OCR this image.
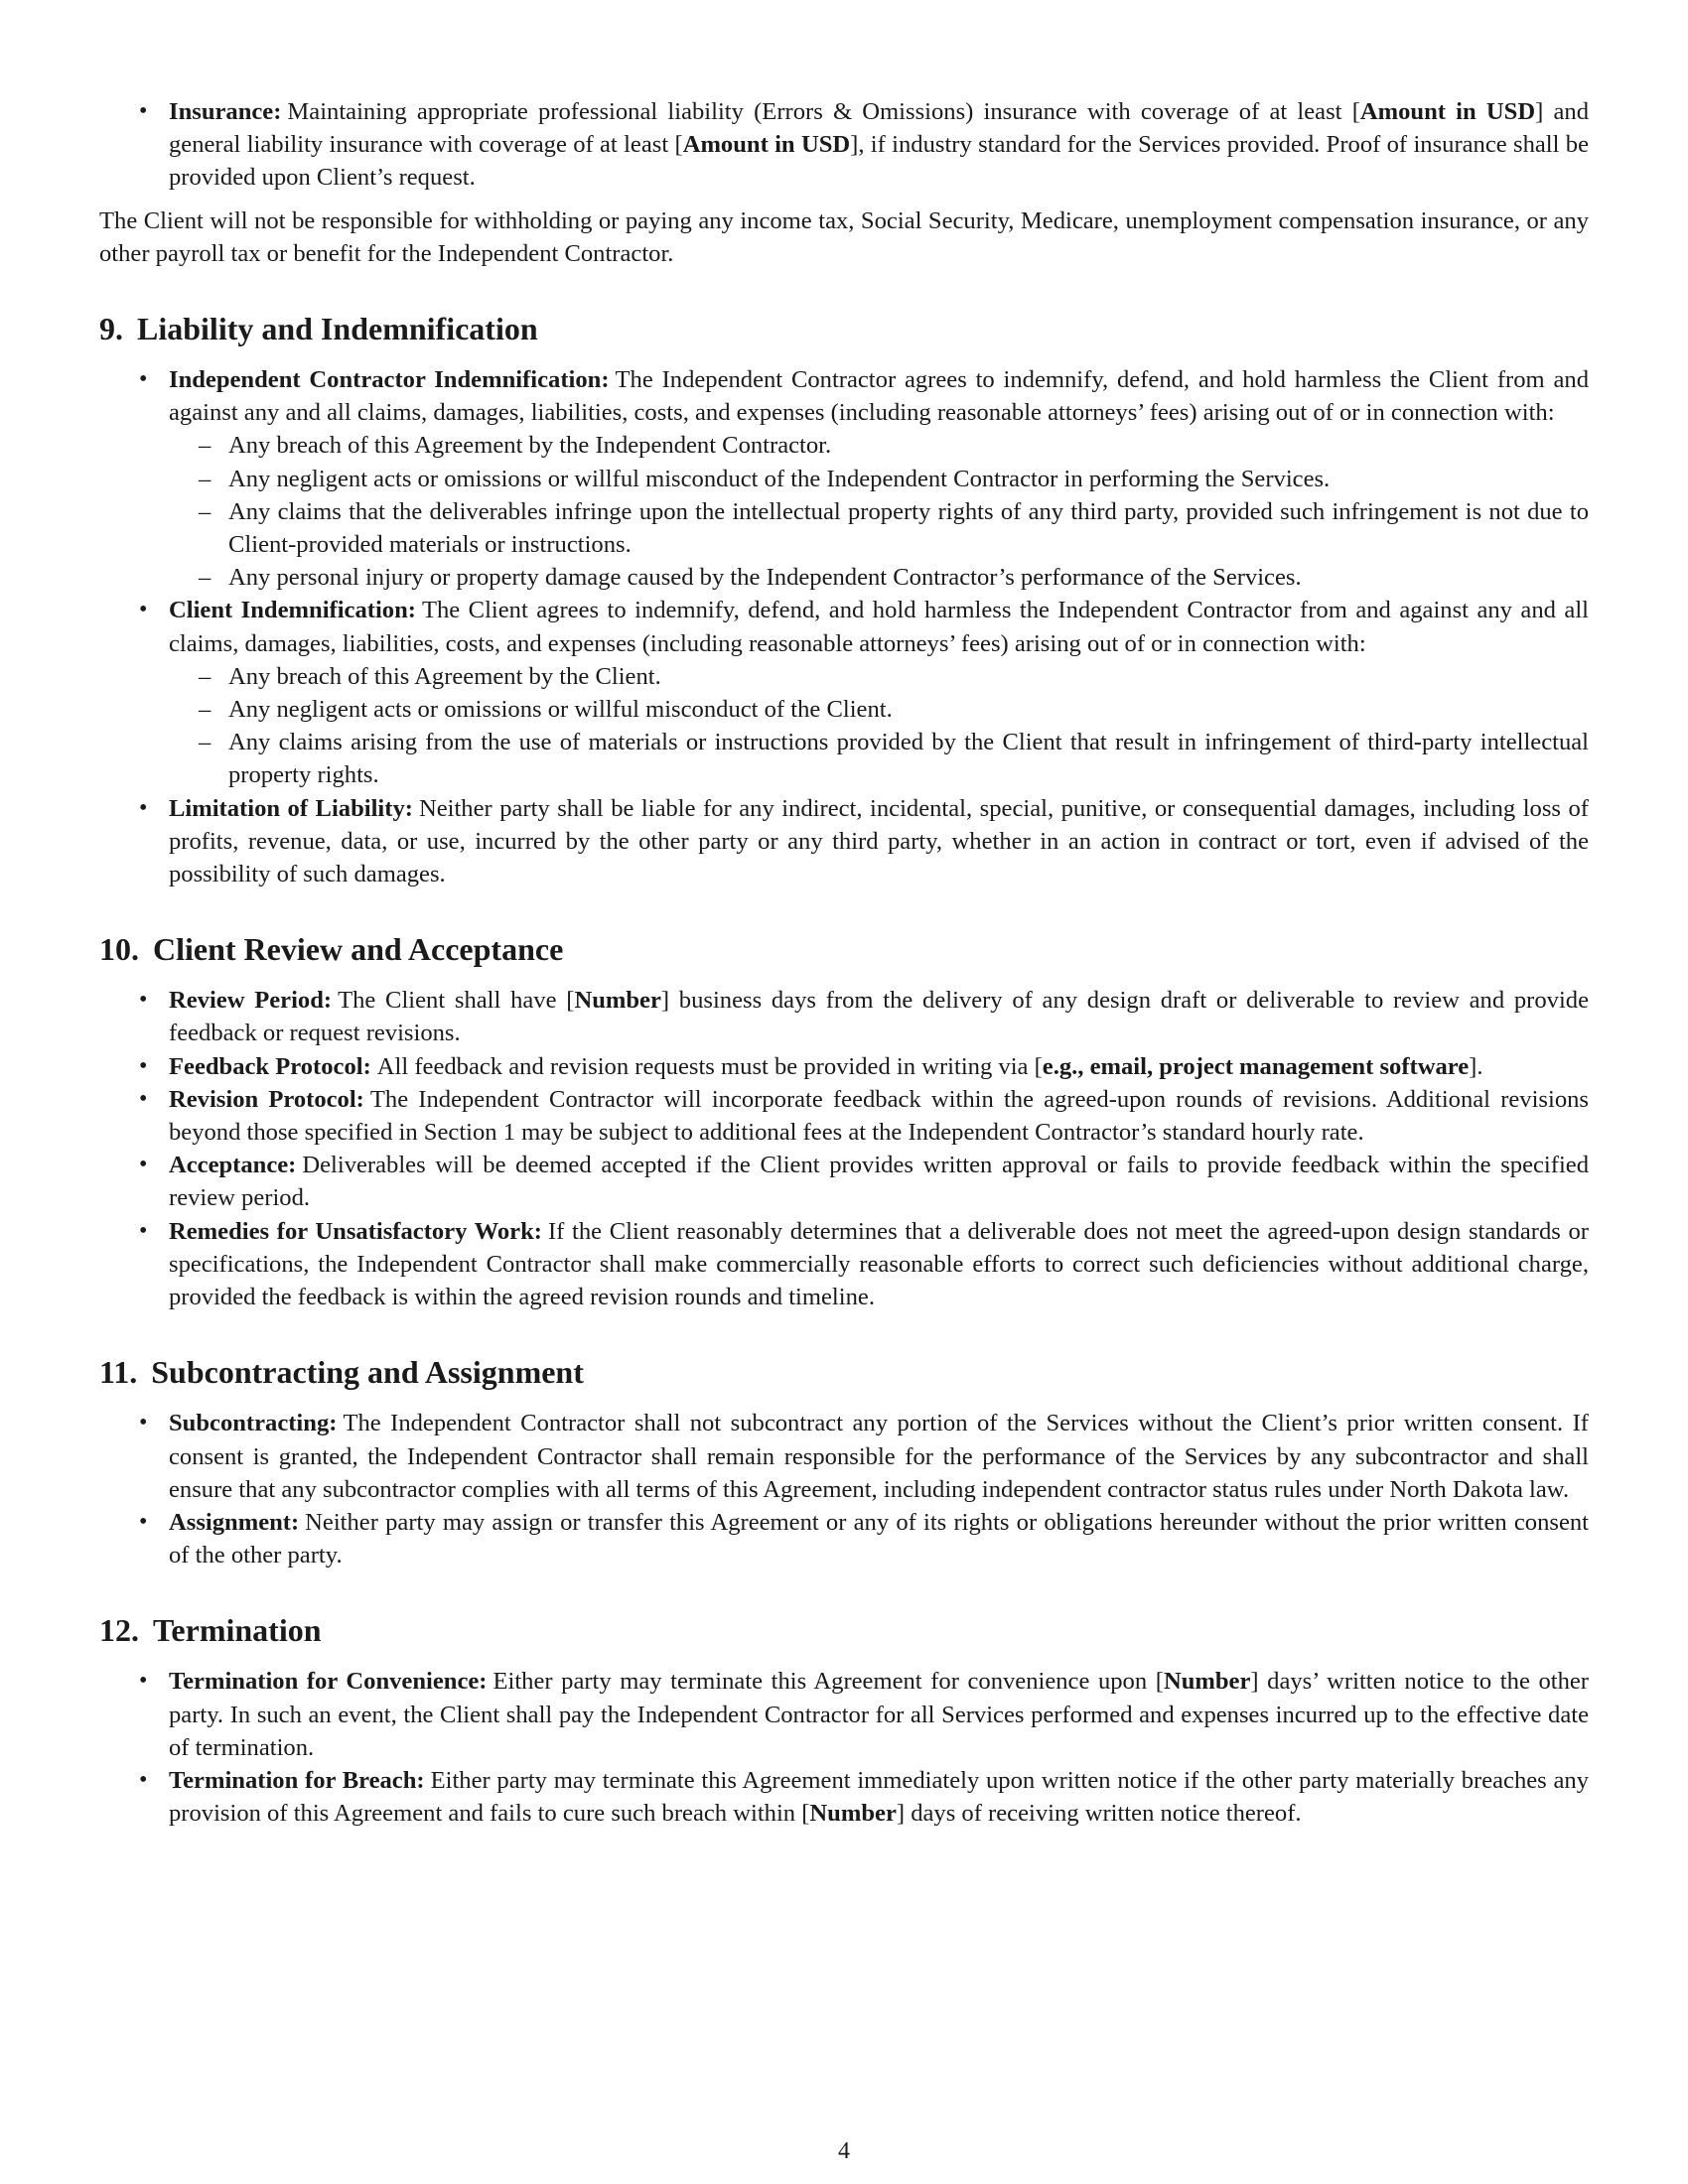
• Insurance: Maintaining appropriate professional liability (Errors & Omissions) insurance with coverage of at least [Amount in USD] and general liability insurance with coverage of at least [Amount in USD], if industry standard for the Services provided. Proof of insurance shall be provided upon Client’s request.

The Client will not be responsible for withholding or paying any income tax, Social Security, Medicare, unemployment compensation insurance, or any other payroll tax or benefit for the Independent Contractor.

9. Liability and Indemnification
• Independent Contractor Indemnification: The Independent Contractor agrees to indemnify, defend, and hold harmless the Client from and against any and all claims, damages, liabilities, costs, and expenses (including reasonable attorneys’ fees) arising out of or in connection with:
– Any breach of this Agreement by the Independent Contractor.
– Any negligent acts or omissions or willful misconduct of the Independent Contractor in performing the Services.
– Any claims that the deliverables infringe upon the intellectual property rights of any third party, provided such infringement is not due to Client-provided materials or instructions.
– Any personal injury or property damage caused by the Independent Contractor’s performance of the Services.
• Client Indemnification: The Client agrees to indemnify, defend, and hold harmless the Independent Contractor from and against any and all claims, damages, liabilities, costs, and expenses (including reasonable attorneys’ fees) arising out of or in connection with:
– Any breach of this Agreement by the Client.
– Any negligent acts or omissions or willful misconduct of the Client.
– Any claims arising from the use of materials or instructions provided by the Client that result in infringement of third-party intellectual property rights.
• Limitation of Liability: Neither party shall be liable for any indirect, incidental, special, punitive, or consequential damages, including loss of profits, revenue, data, or use, incurred by the other party or any third party, whether in an action in contract or tort, even if advised of the possibility of such damages.
10. Client Review and Acceptance
• Review Period: The Client shall have [Number] business days from the delivery of any design draft or deliverable to review and provide feedback or request revisions.
• Feedback Protocol: All feedback and revision requests must be provided in writing via [e.g., email, project management software].
• Revision Protocol: The Independent Contractor will incorporate feedback within the agreed-upon rounds of revisions. Additional revisions beyond those specified in Section 1 may be subject to additional fees at the Independent Contractor’s standard hourly rate.
• Acceptance: Deliverables will be deemed accepted if the Client provides written approval or fails to provide feedback within the specified review period.
• Remedies for Unsatisfactory Work: If the Client reasonably determines that a deliverable does not meet the agreed-upon design standards or specifications, the Independent Contractor shall make commercially reasonable efforts to correct such deficiencies without additional charge, provided the feedback is within the agreed revision rounds and timeline.
11. Subcontracting and Assignment
• Subcontracting: The Independent Contractor shall not subcontract any portion of the Services without the Client’s prior written consent. If consent is granted, the Independent Contractor shall remain responsible for the performance of the Services by any subcontractor and shall ensure that any subcontractor complies with all terms of this Agreement, including independent contractor status rules under North Dakota law.
• Assignment: Neither party may assign or transfer this Agreement or any of its rights or obligations hereunder without the prior written consent of the other party.
12. Termination
• Termination for Convenience: Either party may terminate this Agreement for convenience upon [Number] days’ written notice to the other party. In such an event, the Client shall pay the Independent Contractor for all Services performed and expenses incurred up to the effective date of termination.
• Termination for Breach: Either party may terminate this Agreement immediately upon written notice if the other party materially breaches any provision of this Agreement and fails to cure such breach within [Number] days of receiving written notice thereof.
4
